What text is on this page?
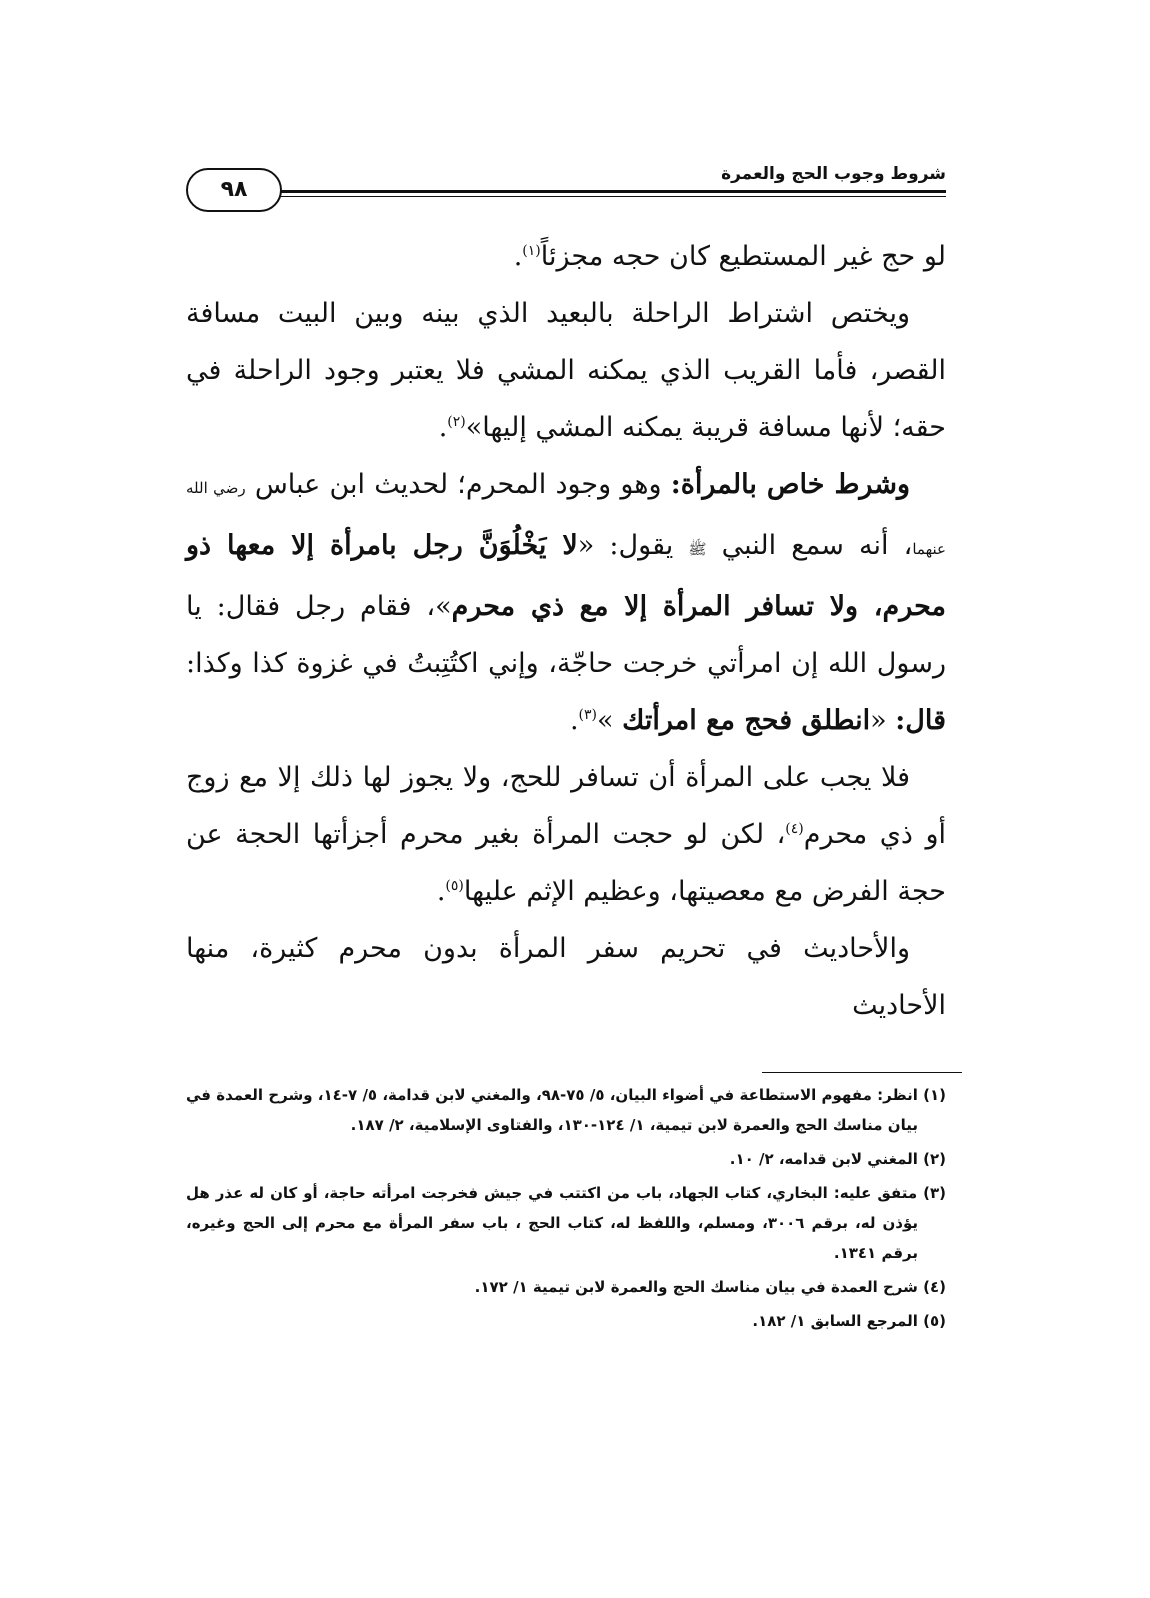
شروط وجوب الحج والعمرة
٩٨

لو حج غير المستطيع كان حجه مجزئاً$^{(١)}$.

ويختص اشتراط الراحلة بالبعيد الذي بينه وبين البيت مسافة القصر، فأما القريب الذي يمكنه المشي فلا يعتبر وجود الراحلة في حقه؛ لأنها مسافة قريبة يمكنه المشي إليها»$^{(٢)}$.

وشرط خاص بالمرأة: وهو وجود المحرم؛ لحديث ابن عباس رضي الله عنهما، أنه سمع النبي ﷺ يقول: «لا يَخْلُوَنَّ رجل بامرأة إلا معها ذو محرم، ولا تسافر المرأة إلا مع ذي محرم»، فقام رجل فقال: يا رسول الله إن امرأتي خرجت حاجّة، وإني اكتُتِبتُ في غزوة كذا وكذا: قال: «انطلق فحج مع امرأتك »$^{(٣)}$.

فلا يجب على المرأة أن تسافر للحج، ولا يجوز لها ذلك إلا مع زوج أو ذي محرم$^{(٤)}$، لكن لو حجت المرأة بغير محرم أجزأتها الحجة عن حجة الفرض مع معصيتها، وعظيم الإثم عليها$^{(٥)}$.

والأحاديث في تحريم سفر المرأة بدون محرم كثيرة، منها الأحاديث

(١) انظر: مفهوم الاستطاعة في أضواء البيان، ٥/ ٧٥-٩٨، والمغني لابن قدامة، ٥/ ٧-١٤، وشرح العمدة في بيان مناسك الحج والعمرة لابن تيمية، ١/ ١٢٤-١٣٠، والفتاوى الإسلامية، ٢/ ١٨٧.

(٢) المغني لابن قدامه، ٢/ ١٠.

(٣) متفق عليه: البخاري، كتاب الجهاد، باب من اكتتب في جيش فخرجت امرأته حاجة، أو كان له عذر هل يؤذن له، برقم ٣٠٠٦، ومسلم، واللفظ له، كتاب الحج ، باب سفر المرأة مع محرم إلى الحج وغيره، برقم ١٣٤١.

(٤) شرح العمدة في بيان مناسك الحج والعمرة لابن تيمية ١/ ١٧٢.

(٥) المرجع السابق ١/ ١٨٢.
